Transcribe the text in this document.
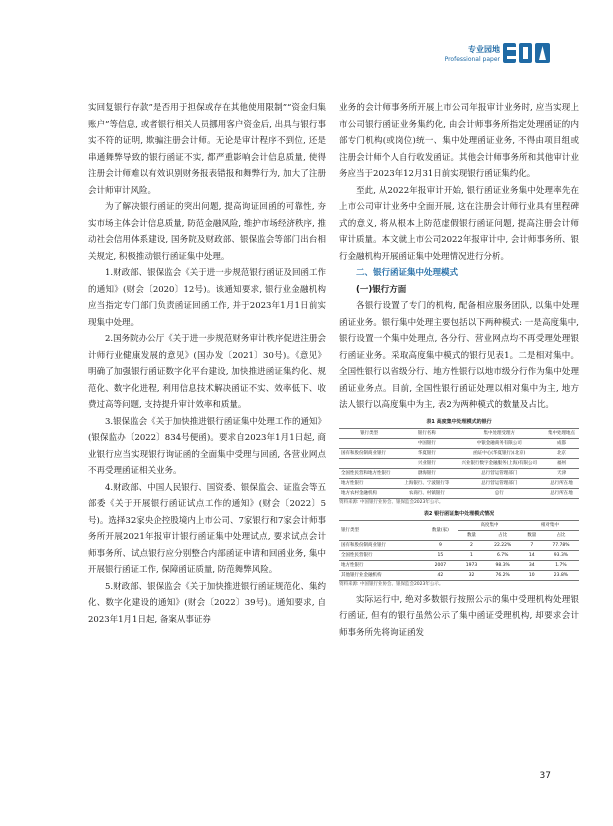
专业园地
Professional paper

实回复银行存款”是否用于担保或存在其他使用限制”“资金归集账户”等信息, 或者银行相关人员挪用客户资金后, 出具与银行事实不符的证明, 欺骗注册会计师。无论是审计程序不到位, 还是串通舞弊导致的银行函证不实, 都严重影响会计信息质量, 使得注册会计师难以有效识别财务报表错报和舞弊行为, 加大了注册会计师审计风险。

为了解决银行函证的突出问题, 提高询证回函的可靠性, 夯实市场主体会计信息质量, 防范金融风险, 维护市场经济秩序, 推动社会信用体系建设, 国务院及财政部、银保监会等部门出台相关规定, 积极推动银行函证集中处理。

1.财政部、银保监会《关于进一步规范银行函证及回函工作的通知》(财会〔2020〕12号)。该通知要求, 银行业金融机构应当指定专门部门负责函证回函工作, 并于2023年1月1日前实现集中处理。

2.国务院办公厅《关于进一步规范财务审计秩序促进注册会计师行业健康发展的意见》(国办发〔2021〕30号)。《意见》明确了加强银行函证数字化平台建设, 加快推进函证集约化、规范化、数字化进程, 利用信息技术解决函证不实、效率低下、收费过高等问题, 支持提升审计效率和质量。

3.银保监会《关于加快推进银行函证集中处理工作的通知》(银保监办〔2022〕834号便函)。要求自2023年1月1日起, 商业银行应当实现银行询证函的全面集中受理与回函, 各营业网点不再受理函证相关业务。

4.财政部、中国人民银行、国资委、银保监会、证监会等五部委《关于开展银行函证试点工作的通知》(财会〔2022〕5号)。选择32家央企控股境内上市公司、7家银行和7家会计师事务所开展2021年报审计银行函证集中处理试点, 要求试点会计师事务所、试点银行应分别整合内部函证申请和回函业务, 集中开展银行函证工作, 保障函证质量, 防范舞弊风险。

5.财政部、银保监会《关于加快推进银行函证规范化、集约化、数字化建设的通知》(财会〔2022〕39号)。通知要求, 自2023年1月1日起, 备案从事证券

业务的会计师事务所开展上市公司年报审计业务时, 应当实现上市公司银行函证业务集约化, 由会计师事务所指定处理函证的内部专门机构(或岗位)统一、集中处理函证业务, 不得由项目组或注册会计师个人自行收发函证。其他会计师事务所和其他审计业务应当于2023年12月31日前实现银行函证集约化。

至此, 从2022年报审计开始, 银行函证业务集中处理率先在上市公司审计业务中全面开展, 这在注册会计师行业具有里程碑式的意义, 将从根本上防范虚假银行函证问题, 提高注册会计师审计质量。本文就上市公司2022年报审计中, 会计师事务所、银行金融机构开展函证集中处理情况进行分析。

二、银行函证集中处理模式
(一)银行方面

各银行设置了专门的机构, 配备相应服务团队, 以集中处理函证业务。银行集中处理主要包括以下两种模式: 一是高度集中, 银行设置一个集中处理点, 各分行、营业网点均不再受理处理银行函证业务。采取高度集中模式的银行见表1。二是相对集中。全国性银行以省级分行、地方性银行以地市级分行作为集中处理函证业务点。目前, 全国性银行函证处理以相对集中为主, 地方法人银行以高度集中为主, 表2为两种模式的数量及占比。

表1 高度集中处理模式的银行
银行类型	银行名称	集中处理受理方	集中处理地点
	中国银行	中银金融商务有限公司	成都
国有和股份制商业银行	华夏银行	函证中心(华夏银行)(北京)	北京
	兴业银行	兴业银行数字金融服务(上海)有限公司	福州
全国性民营和地方性银行	渤海银行	总行营运管理部门	天津
地方性银行	上海银行、宁波银行等	总行营运管理部门	总行所在地
地方农村金融机构	农商行、村镇银行	总行	总行所在地
资料来源: 中国银行业协会、银保监会2023年公示。
表2 银行函证集中处理模式情况
银行类型	数量(家)	高度集中		相对集中	
		数量	占比	数量	占比
国有和股份制商业银行	9	2	22.22%	7	77.78%
全国性民营银行	15	1	6.7%	14	93.3%
地方性银行	2007	1973	98.3%	34	1.7%
其他银行业金融机构	42	32	76.2%	10	23.8%
资料来源: 中国银行业协会、银保监会2023年公示。

实际运行中, 绝对多数银行按照公示的集中受理机构处理银行函证, 但有的银行虽然公示了集中函证受理机构, 却要求会计师事务所先将询证函发

37
